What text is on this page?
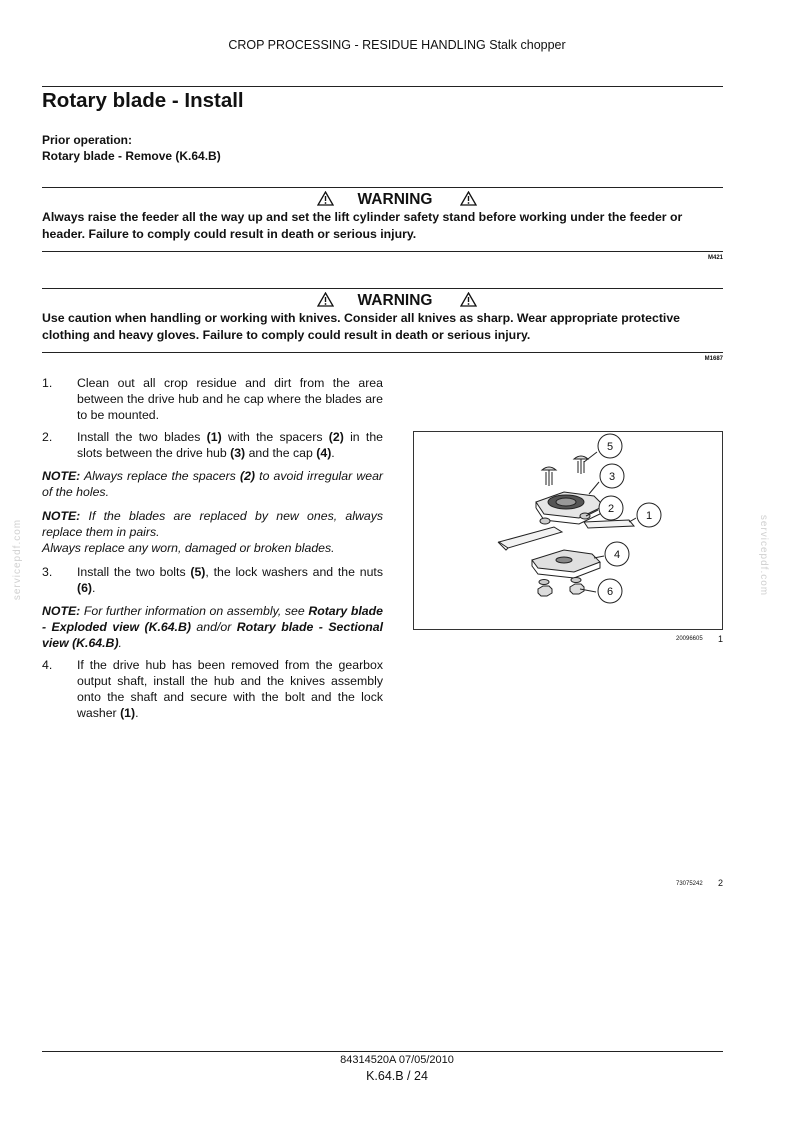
CROP PROCESSING - RESIDUE HANDLING Stalk chopper
Rotary blade - Install
Prior operation:
Rotary blade - Remove (K.64.B)
WARNING
Always raise the feeder all the way up and set the lift cylinder safety stand before working under the feeder or header. Failure to comply could result in death or serious injury.
M421
WARNING
Use caution when handling or working with knives. Consider all knives as sharp. Wear appropriate protective clothing and heavy gloves. Failure to comply could result in death or serious injury.
M1687
1. Clean out all crop residue and dirt from the area between the drive hub and he cap where the blades are to be mounted.
2. Install the two blades (1) with the spacers (2) in the slots between the drive hub (3) and the cap (4).
NOTE: Always replace the spacers (2) to avoid irregular wear of the holes.
NOTE: If the blades are replaced by new ones, always replace them in pairs.
Always replace any worn, damaged or broken blades.
3. Install the two bolts (5), the lock washers and the nuts (6).
NOTE: For further information on assembly, see Rotary blade - Exploded view (K.64.B) and/or Rotary blade - Sectional view (K.64.B).
4. If the drive hub has been removed from the gearbox output shaft, install the hub and the knives assembly onto the shaft and secure with the bolt and the lock washer (1).
5
3
2
1
4
6
20096605 1
73075242 2
servicepdf.com	servicepdf.com
84314520A 07/05/2010
K.64.B / 24
